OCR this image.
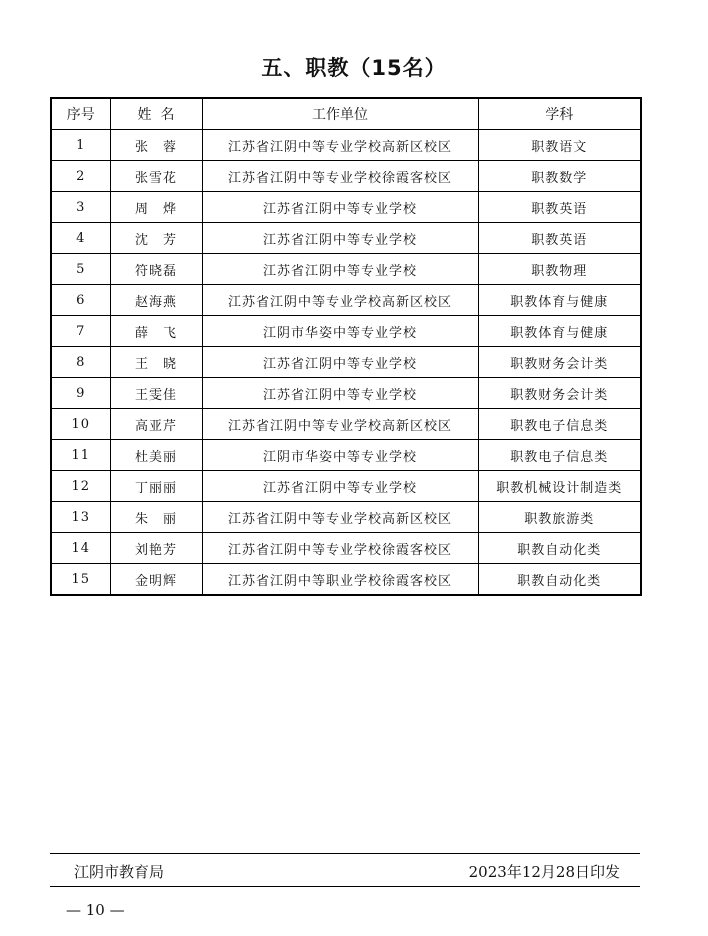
五、职教（15名）
序号	姓  名	工作单位	学科
1	张　蓉	江苏省江阴中等专业学校高新区校区	职教语文
2	张雪花	江苏省江阴中等专业学校徐霞客校区	职教数学
3	周　烨	江苏省江阴中等专业学校	职教英语
4	沈　芳	江苏省江阴中等专业学校	职教英语
5	符晓磊	江苏省江阴中等专业学校	职教物理
6	赵海燕	江苏省江阴中等专业学校高新区校区	职教体育与健康
7	薛　飞	江阴市华姿中等专业学校	职教体育与健康
8	王　晓	江苏省江阴中等专业学校	职教财务会计类
9	王雯佳	江苏省江阴中等专业学校	职教财务会计类
10	高亚芹	江苏省江阴中等专业学校高新区校区	职教电子信息类
11	杜美丽	江阴市华姿中等专业学校	职教电子信息类
12	丁丽丽	江苏省江阴中等专业学校	职教机械设计制造类
13	朱　丽	江苏省江阴中等专业学校高新区校区	职教旅游类
14	刘艳芳	江苏省江阴中等专业学校徐霞客校区	职教自动化类
15	金明辉	江苏省江阴中等职业学校徐霞客校区	职教自动化类
江阴市教育局	2023年12月28日印发
— 10 —
